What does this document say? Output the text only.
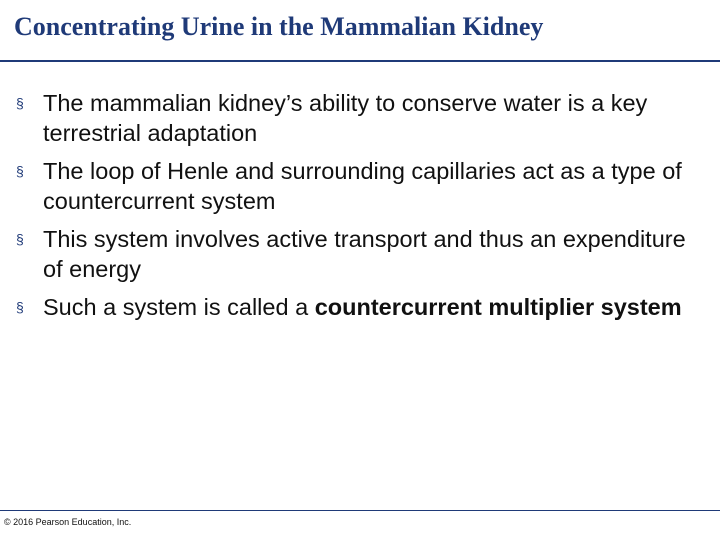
Concentrating Urine in the Mammalian Kidney
§ The mammalian kidney’s ability to conserve water is a key terrestrial adaptation
§ The loop of Henle and surrounding capillaries act as a type of countercurrent system
§ This system involves active transport and thus an expenditure of energy
§ Such a system is called a countercurrent multiplier system
© 2016 Pearson Education, Inc.
